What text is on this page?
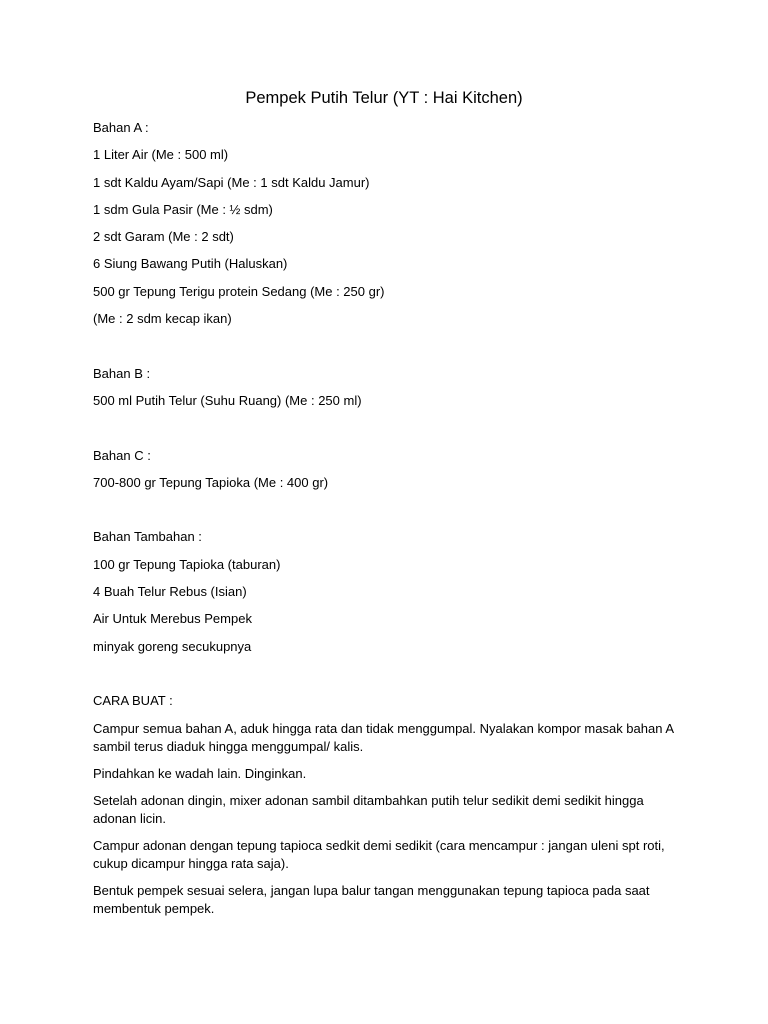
Pempek Putih Telur (YT : Hai Kitchen)
Bahan A :
1 Liter Air (Me : 500 ml)
1 sdt Kaldu Ayam/Sapi (Me : 1 sdt Kaldu Jamur)
1 sdm Gula Pasir (Me : ½ sdm)
2 sdt Garam (Me : 2 sdt)
6 Siung Bawang Putih (Haluskan)
500 gr Tepung Terigu protein Sedang (Me : 250 gr)
(Me : 2 sdm kecap ikan)
Bahan B :
500 ml Putih Telur (Suhu Ruang) (Me : 250 ml)
Bahan C :
700-800 gr Tepung Tapioka (Me : 400 gr)
Bahan Tambahan :
100 gr Tepung Tapioka (taburan)
4 Buah Telur Rebus (Isian)
Air Untuk Merebus Pempek
minyak goreng secukupnya
CARA BUAT :
Campur semua bahan A, aduk hingga rata dan tidak menggumpal. Nyalakan kompor masak bahan A sambil terus diaduk hingga menggumpal/ kalis.
Pindahkan ke wadah lain. Dinginkan.
Setelah adonan dingin, mixer adonan sambil ditambahkan putih telur sedikit demi sedikit hingga adonan licin.
Campur adonan dengan tepung tapioca sedkit demi sedikit (cara mencampur : jangan uleni spt roti, cukup dicampur hingga rata saja).
Bentuk pempek sesuai selera, jangan lupa balur tangan menggunakan tepung tapioca pada saat membentuk pempek.
